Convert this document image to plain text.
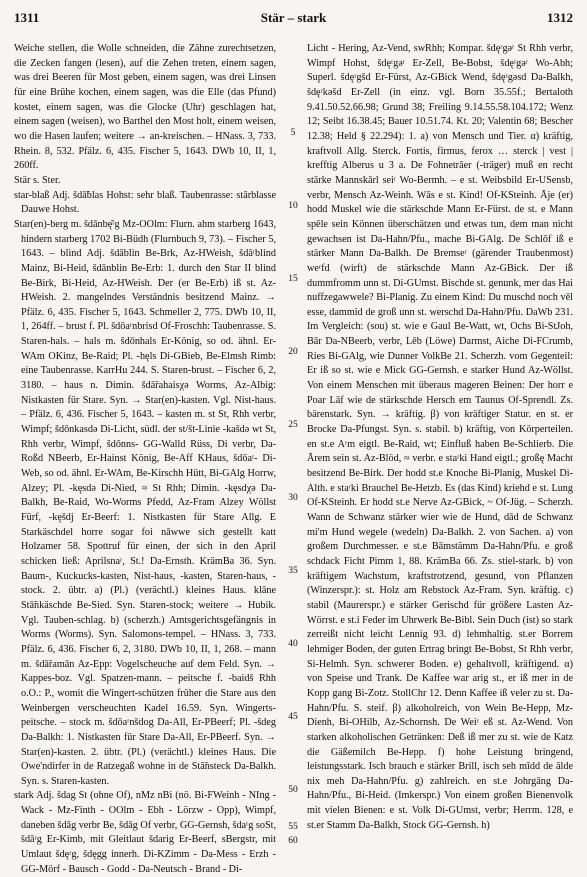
1311	Stär – stark	1312

Weiche stellen, die Wolle schneiden, die Zähne zurechtsetzen, die Zecken fangen (lesen), auf die Zehen treten, einem sagen, was drei Beeren für Most geben, einem sagen, was drei Linsen für eine Brühe kochen, einem sagen, was die Elle (das Pfund) kostet, einem sagen, was die Glocke (Uhr) geschlagen hat, einem sagen (weisen), wo Barthel den Most holt, einem weisen, wo die Hasen laufen; weitere → an-kreischen. – HNass. 3, 733. Rhein. 8, 532. Pfälz. 6, 435. Fischer 5, 1643. DWb 10, II, 1, 260ff.

Stär s. Ster.

star-blaß Adj. šdā̃blas Hohst: sehr blaß. Taubenrasse: stārblasse Dauwe Hohst.

Star(en)-berg m. šdānbę͂ʳg Mz-OOlm: Flurn. ahm starberg 1643, hindern starberg 1702 Bi-Büdh (Flurnbuch 9, 73). – Fischer 5, 1643. – blind Adj. šdāblin Be-Brk, Az-HWeish, šdāʳblind Mainz, Bi-Heid, šdānblin Be-Erb: 1. durch den Star II blind Be-Birk, Bi-Heid, Az-HWeish. Der (er Be-Erb) iß st. Az-HWeish. 2. mangelndes Verständnis besitzend Mainz. → Pfälz. 6, 435. Fischer 5, 1643. Schmeller 2, 775. DWb 10, II, 1, 264ff. – brust f. Pl. šdōaʳnbrisd Of-Froschh: Taubenrasse. S. Staren-hals. – hals m. šdōnhals Er-König, so od. ähnl. Er-WAm OKinz, Be-Raid; Pl. -hęls Di-GBieb, Be-Elmsh Rimb: eine Taubenrasse. KarrHu 244. S. Staren-brust. – Fischer 6, 2, 3180. – haus n. Dimin. šdā̃rahaisχə Worms, Az-Albig: Nistkasten für Stare. Syn. → Star(en)-kasten. Vgl. Nist-haus. – Pfälz. 6, 436. Fischer 5, 1643. – kasten m. st St, Rhh verbr, Wimpf; šdōnkasdə Di-Licht, südl. der st/št-Linie -kašdə wt St, Rhh verbr, Wimpf, šdōnns- GG-Walld Rüss, Di verbr, Da-Roßd NBeerb, Er-Hainst König, Be-Aff KHaus, šdōaʳ- Di-Web, so od. ähnl. Er-WAm, Be-Kirschh Hütt, Bi-GAlg Horrw, Alzey; Pl. -kęsdə Di-Nied, ≈ St Rhh; Dimin. -kęsdχə Da-Balkh, Be-Raid, Wo-Worms Pfedd, Az-Fram Alzey Wöllst Fürf, -kęšdj Er-Beerf: 1. Nistkasten für Stare Allg. E Starkäschdel horre sogar foi nāwwe sich gestellt katt Holzamer 58. Spottruf für einen, der sich in den April schicken ließ: Aprilsnaʳ, St.! Da-Ernsth. KrämBa 36. Syn. Baum-, Kuckucks-kasten, Nist-haus, -kasten, Staren-haus, -stock. 2. übtr. a) (Pl.) (verächtl.) kleines Haus. klāne Stā̃nkäschde Be-Sied. Syn. Staren-stock; weitere → Hubik. Vgl. Tauben-schlag. b) (scherzh.) Amtsgerichtsgefängnis in Worms (Worms). Syn. Salomons-tempel. – HNass. 3, 733. Pfälz. 6, 436. Fischer 6, 2, 3180. DWb 10, II, 1, 268. – mann m. šdā̃ramān Az-Epp: Vogelscheuche auf dem Feld. Syn. → Kappes-boz. Vgl. Spatzen-mann. – peitsche f. -baidš Rhh o.O.: P., womit die Wingert-schützen früher die Stare aus den Weinbergen verscheuchten Kadel 16.59. Syn. Wingerts-peitsche. – stock m. šdōaʳnšdog Da-All, Er-PBeerf; Pl. -šdeg Da-Balkh: 1. Nistkasten für Stare Da-All, Er-PBeerf. Syn. → Star(en)-kasten. 2. übtr. (Pl.) (verächtl.) kleines Haus. Die Owe'ndirfer in de Ratzegaß wohne in de Stā̃nsteck Da-Balkh. Syn. s. Staren-kasten.

stark Adj. šdag St (ohne Of), nMz nBi (nö. Bi-FWeinh - NIng - Wack - Mz-Finth - OOlm - Ebh - Lörzw - Opp), Wimpf, daneben šdāg verbr Be, šdāg Of verbr, GG-Gernsh, šdaʳg soSt, šdāʳg Er-Kimb, mit Gleitlaut šdarig Er-Beerf, sBergstr, mit Umlaut šdęʳg, šdęgg innerh. Di-KZimm - Da-Mess - Erzh - GG-Mörf - Bausch - Godd - Da-Neutsch - Brand - Di-

Licht - Hering, Az-Vend, swRhh; Kompar. šdęʳgəʳ St Rhh verbr, Wimpf Hohst, šdęʳgəʳ Er-Zell, Be-Bobst, šdęʳgəʳ Wo-Abh; Superl. šdęʳgšd Er-Fürst, Az-GBick Wend, šdęʳgəsd Da-Balkh, šdęʳkəšd Er-Zell (in einz. vgl. Born 35.55f.; Bertaloth 9.41.50.52.66.98; Grund 38; Freiling 9.14.55.58.104.172; Wenz 12; Seibt 16.38.45; Bauer 10.51.74. Kt. 20; Valentin 68; Bescher 12.38; Held § 22.294): 1. a) von Mensch und Tier. α) kräftig, kraftvoll Allg. Sterck. Fortis, firmus, ferox … sterck | vest | krefftig Alberus u 3 a. De Fohnetrāer (-träger) muß en recht stārke Mannskārl seiʳ Wo-Bermh. – e st. Weibsbild Er-USensb, verbr, Mensch Az-Weinh. Wās e st. Kind! Of-KSteinh. Āje (er) hodd Muskel wie die stärkschde Mann Er-Fürst. de st. e Mann spēle sein Können überschätzen und etwas tun, dem man nicht gewachsen ist Da-Hahn/Pfu., mache Bi-GAlg. De Schlōf iß e stärker Mann Da-Balkh. De Bremseʳ (gärender Traubenmost) weʳfd (wirft) de stärkschde Mann Az-GBick. Der iß dummfromm unn st. Di-GUmst. Bischde st. genunk, mer das Hai nuffzegawwele? Bi-Planig. Zu einem Kind: Du muschd noch vēl esse, dammid de groß unn st. werschd Da-Hahn/Pfu. DaWb 231. Im Vergleich: (sou) st. wie e Gaul Be-Watt, wt, Ochs Bi-StJoh, Bār Da-NBeerb, verbr, Lēb (Löwe) Darmst, Aiche Di-FCrumb, Ries Bi-GAlg, wie Dunner VolkBe 21. Scherzh. vom Gegenteil: Er iß so st. wie e Mick GG-Gernsh. e starker Hund Az-Wöllst. Von einem Menschen mit überaus mageren Beinen: Der horr e Poar Lāf wie de stärkschde Hersch em Taunus Of-Sprendl. Zs. bärenstark. Syn. → kräftig. β) von kräftiger Statur. en st. er Brocke Da-Pfungst. Syn. s. stabil. b) kräftig, von Körperteilen. en st.e Aʳm eigtl. Be-Raid, wt; Einfluß haben Be-Schlierb. Die Ārem sein st. Az-Blöd, ≈ verbr. e staʳki Hand eigtl.; großę Macht besitzend Be-Birk. Der hodd st.e Knoche Bi-Planig, Muskel Di-Alth. e staʳki Brauchel Be-Hetzb. Es (das Kind) kriehd e st. Lung Of-KSteinh. Er hodd st.e Nerve Az-GBick, ~ Of-Jüg. – Scherzh. Wann de Schwanz stärker wier wie de Hund, dād de Schwanz mi'm Hund wegele (wedeln) Da-Balkh. 2. von Sachen. a) von großem Durchmesser. e st.e Bāmstämm Da-Hahn/Pfu. e groß schdack Ficht Pimm 1, 88. KrämBa 66. Zs. stiel-stark. b) von kräftigem Wachstum, kraftstrotzend, gesund, von Pflanzen (Winzerspr.): st. Holz am Rebstock Az-Fram. Syn. kräftig. c) stabil (Maurerspr.) e stärker Gerischd für größere Lasten Az-Wörrst. e st.i Feder im Uhrwerk Be-Bibl. Sein Duch (ist) so stark zerreißt nicht leicht Lennig 93. d) lehmhaltig. st.er Borrem lehmiger Boden, der guten Ertrag bringt Be-Bobst, St Rhh verbr, Si-Helmh. Syn. schwerer Boden. e) gehaltvoll, kräftigend. α) von Speise und Trank. De Kaffee war arig st., er iß mer in de Kopp gang Bi-Zotz. StollChr 12. Denn Kaffee iß veler zu st. Da-Hahn/Pfu. S. steif. β) alkoholreich, von Wein Be-Hepp, Mz-Dienh, Bi-OHilb, Az-Schornsh. De Weiʳ eß st. Az-Wend. Von starken alkoholischen Getränken: Deß iß mer zu st. wie de Katz die Gäßemilch Be-Hepp. f) hohe Leistung bringend, leistungsstark. Isch brauch e stärker Brill, isch seh mīdd de ālde nix meh Da-Hahn/Pfu. g) zahlreich. en st.e Johrgāng Da-Hahn/Pfu., Bi-Heid. (Imkerspr.) Von einem großen Bienenvolk mit vielen Bienen: e st. Volk Di-GUmst, verbr; Herrm. 128, e st.er Stamm Da-Balkh, Stock GG-Gernsh. h)

5
10
15
20
25
30
35
40
45
50
55
60
